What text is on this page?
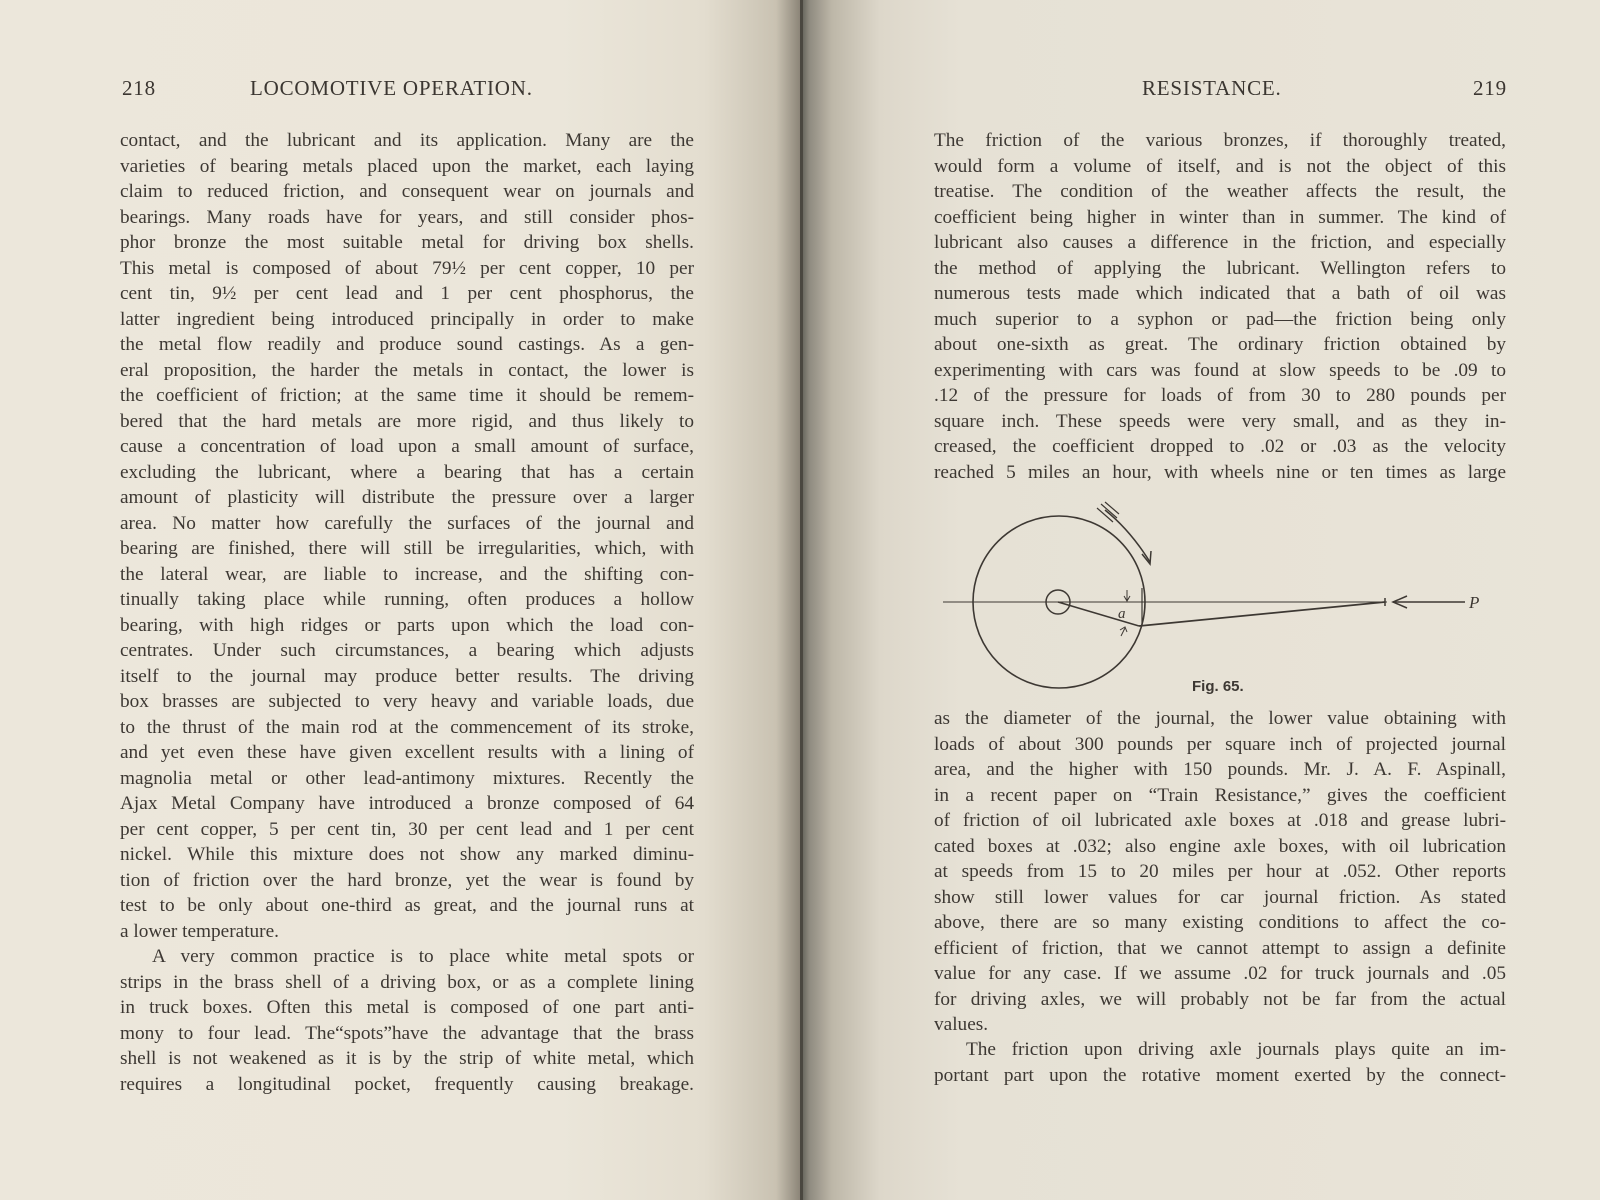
218	LOCOMOTIVE OPERATION.	RESISTANCE.	219
contact, and the lubricant and its application. Many are the
varieties of bearing metals placed upon the market, each laying
claim to reduced friction, and consequent wear on journals and
bearings. Many roads have for years, and still consider phos-
phor bronze the most suitable metal for driving box shells.
This metal is composed of about 79½ per cent copper, 10 per
cent tin, 9½ per cent lead and 1 per cent phosphorus, the
latter ingredient being introduced principally in order to make
the metal flow readily and produce sound castings. As a gen-
eral proposition, the harder the metals in contact, the lower is
the coefficient of friction; at the same time it should be remem-
bered that the hard metals are more rigid, and thus likely to
cause a concentration of load upon a small amount of surface,
excluding the lubricant, where a bearing that has a certain
amount of plasticity will distribute the pressure over a larger
area. No matter how carefully the surfaces of the journal and
bearing are finished, there will still be irregularities, which, with
the lateral wear, are liable to increase, and the shifting con-
tinually taking place while running, often produces a hollow
bearing, with high ridges or parts upon which the load con-
centrates. Under such circumstances, a bearing which adjusts
itself to the journal may produce better results. The driving
box brasses are subjected to very heavy and variable loads, due
to the thrust of the main rod at the commencement of its stroke,
and yet even these have given excellent results with a lining of
magnolia metal or other lead-antimony mixtures. Recently the
Ajax Metal Company have introduced a bronze composed of 64
per cent copper, 5 per cent tin, 30 per cent lead and 1 per cent
nickel. While this mixture does not show any marked diminu-
tion of friction over the hard bronze, yet the wear is found by
test to be only about one-third as great, and the journal runs at
a lower temperature.
A very common practice is to place white metal spots or
strips in the brass shell of a driving box, or as a complete lining
in truck boxes. Often this metal is composed of one part anti-
mony to four lead. The“spots”have the advantage that the brass
shell is not weakened as it is by the strip of white metal, which
requires a longitudinal pocket, frequently causing breakage.
The friction of the various bronzes, if thoroughly treated,
would form a volume of itself, and is not the object of this
treatise. The condition of the weather affects the result, the
coefficient being higher in winter than in summer. The kind of
lubricant also causes a difference in the friction, and especially
the method of applying the lubricant. Wellington refers to
numerous tests made which indicated that a bath of oil was
much superior to a syphon or pad—the friction being only
about one-sixth as great. The ordinary friction obtained by
experimenting with cars was found at slow speeds to be .09 to
.12 of the pressure for loads of from 30 to 280 pounds per
square inch. These speeds were very small, and as they in-
creased, the coefficient dropped to .02 or .03 as the velocity
reached 5 miles an hour, with wheels nine or ten times as large
a
P
Fig. 65.
as the diameter of the journal, the lower value obtaining with
loads of about 300 pounds per square inch of projected journal
area, and the higher with 150 pounds. Mr. J. A. F. Aspinall,
in a recent paper on “Train Resistance,” gives the coefficient
of friction of oil lubricated axle boxes at .018 and grease lubri-
cated boxes at .032; also engine axle boxes, with oil lubrication
at speeds from 15 to 20 miles per hour at .052. Other reports
show still lower values for car journal friction. As stated
above, there are so many existing conditions to affect the co-
efficient of friction, that we cannot attempt to assign a definite
value for any case. If we assume .02 for truck journals and .05
for driving axles, we will probably not be far from the actual
values.
The friction upon driving axle journals plays quite an im-
portant part upon the rotative moment exerted by the connect-
